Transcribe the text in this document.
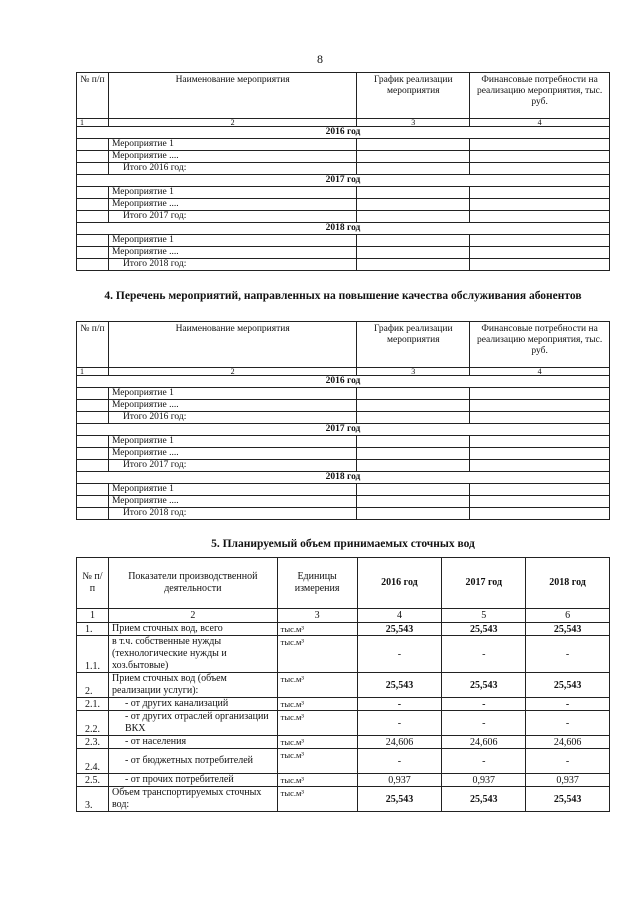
8
№ п/п	Наименование мероприятия	График реализации мероприятия	Финансовые потребности на реализацию мероприятия, тыс. руб.
1	2	3	4
2016 год			
	Мероприятие 1		
	Мероприятие ....		
	Итого 2016 год:		
2017 год			
	Мероприятие 1		
	Мероприятие ....		
	Итого 2017 год:		
2018 год			
	Мероприятие 1		
	Мероприятие ....		
	Итого 2018 год:		
4. Перечень мероприятий, направленных на повышение качества обслуживания абонентов
№ п/п	Наименование мероприятия	График реализации мероприятия	Финансовые потребности на реализацию мероприятия, тыс. руб.
1	2	3	4
2016 год			
	Мероприятие 1		
	Мероприятие ....		
	Итого 2016 год:		
2017 год			
	Мероприятие 1		
	Мероприятие ....		
	Итого 2017 год:		
2018 год			
	Мероприятие 1		
	Мероприятие ....		
	Итого 2018 год:		
5. Планируемый объем принимаемых сточных вод
№ п/п	Показатели производственной деятельности	Единицы измерения	2016 год	2017 год	2018 год
1	2	3	4	5	6
1.	Прием сточных вод, всего	тыс.м³	25,543	25,543	25,543
1.1.	в т.ч. собственные нужды (технологические нужды и хоз.бытовые)	тыс.м³	-	-	-
2.	Прием сточных вод (объем реализации услуги):	тыс.м³	25,543	25,543	25,543
2.1.	- от других канализаций	тыс.м³	-	-	-
2.2.	- от других отраслей организации ВКХ	тыс.м³	-	-	-
2.3.	- от населения	тыс.м³	24,606	24,606	24,606
2.4.	- от бюджетных потребителей	тыс.м³	-	-	-
2.5.	- от прочих потребителей	тыс.м³	0,937	0,937	0,937
3.	Объем транспортируемых сточных вод:	тыс.м³	25,543	25,543	25,543
